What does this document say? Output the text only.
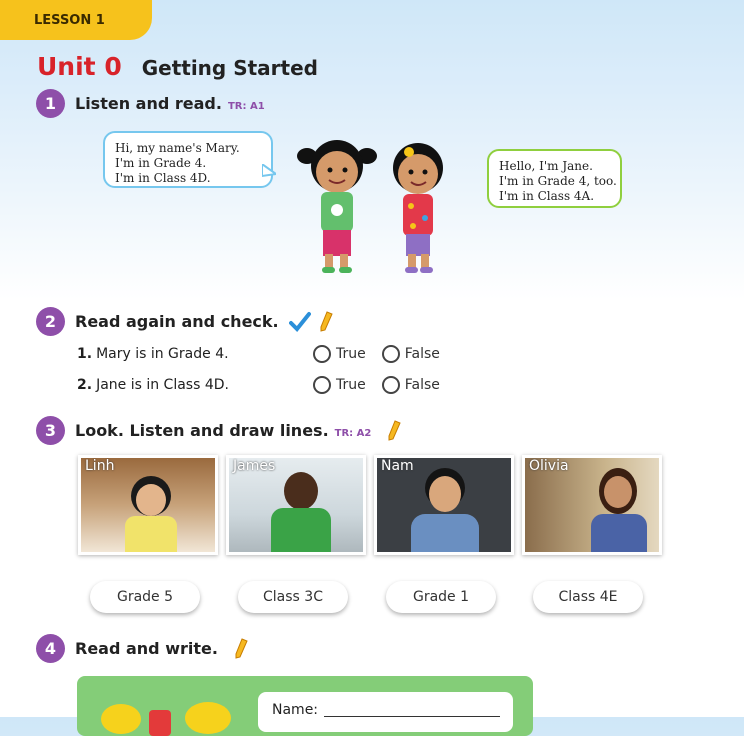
LESSON 1
Unit 0 Getting Started
1	Listen and read. TR: A1
Hi, my name's Mary.
I'm in Grade 4.
I'm in Class 4D.
Hello, I'm Jane.
I'm in Grade 4, too.
I'm in Class 4A.
2	Read again and check.
1. Mary is in Grade 4.	True	False
2. Jane is in Class 4D.	True	False
3	Look. Listen and draw lines. TR: A2
Linh	James	Nam	Olivia
Grade 5	Class 3C	Grade 1	Class 4E
4	Read and write.
Name:
